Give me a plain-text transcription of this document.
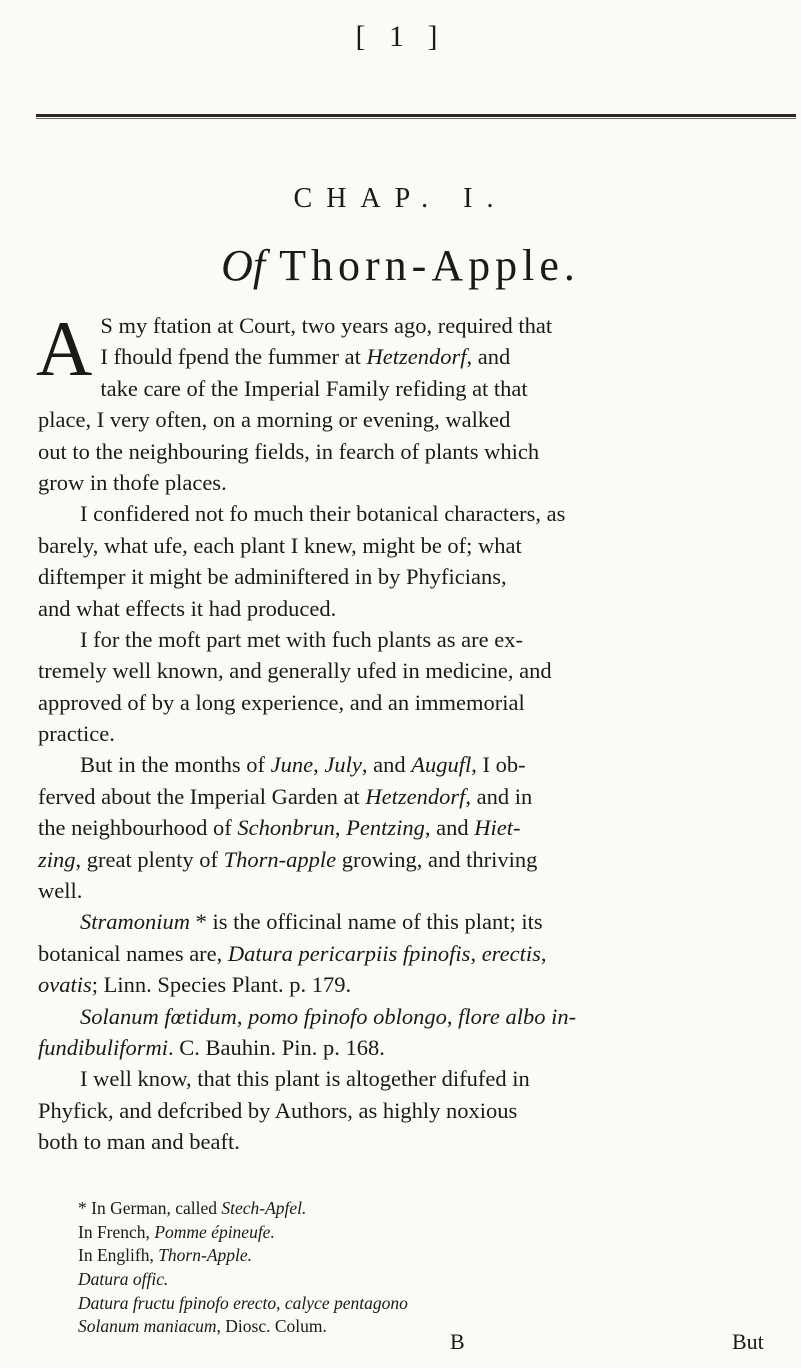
[ 1 ]
CHAP. I.
Of Thorn-Apple.
A S my ftation at Court, two years ago, required that
I fhould fpend the fummer at Hetzendorf, and
take care of the Imperial Family refiding at that
place, I very often, on a morning or evening, walked
out to the neighbouring fields, in fearch of plants which
grow in thofe places.
I confidered not fo much their botanical characters, as
barely, what ufe, each plant I knew, might be of; what
diftemper it might be adminiftered in by Phyficians,
and what effects it had produced.
I for the moft part met with fuch plants as are ex-
tremely well known, and generally ufed in medicine, and
approved of by a long experience, and an immemorial
practice.
But in the months of June, July, and Augufl, I ob-
ferved about the Imperial Garden at Hetzendorf, and in
the neighbourhood of Schonbrun, Pentzing, and Hiet-
zing, great plenty of Thorn-apple growing, and thriving
well.
Stramonium * is the officinal name of this plant; its
botanical names are, Datura pericarpiis fpinofis, erectis,
ovatis; Linn. Species Plant. p. 179.
Solanum fœtidum, pomo fpinofo oblongo, flore albo in-
fundibuliformi. C. Bauhin. Pin. p. 168.
I well know, that this plant is altogether difufed in
Phyfick, and defcribed by Authors, as highly noxious
both to man and beaft.
* In German, called Stech-Apfel.
In French, Pomme épineufe.
In Englifh, Thorn-Apple.
Datura offic.
Datura fructu fpinofo erecto, calyce pentagono
Solanum maniacum, Diosc. Colum.
B	But
